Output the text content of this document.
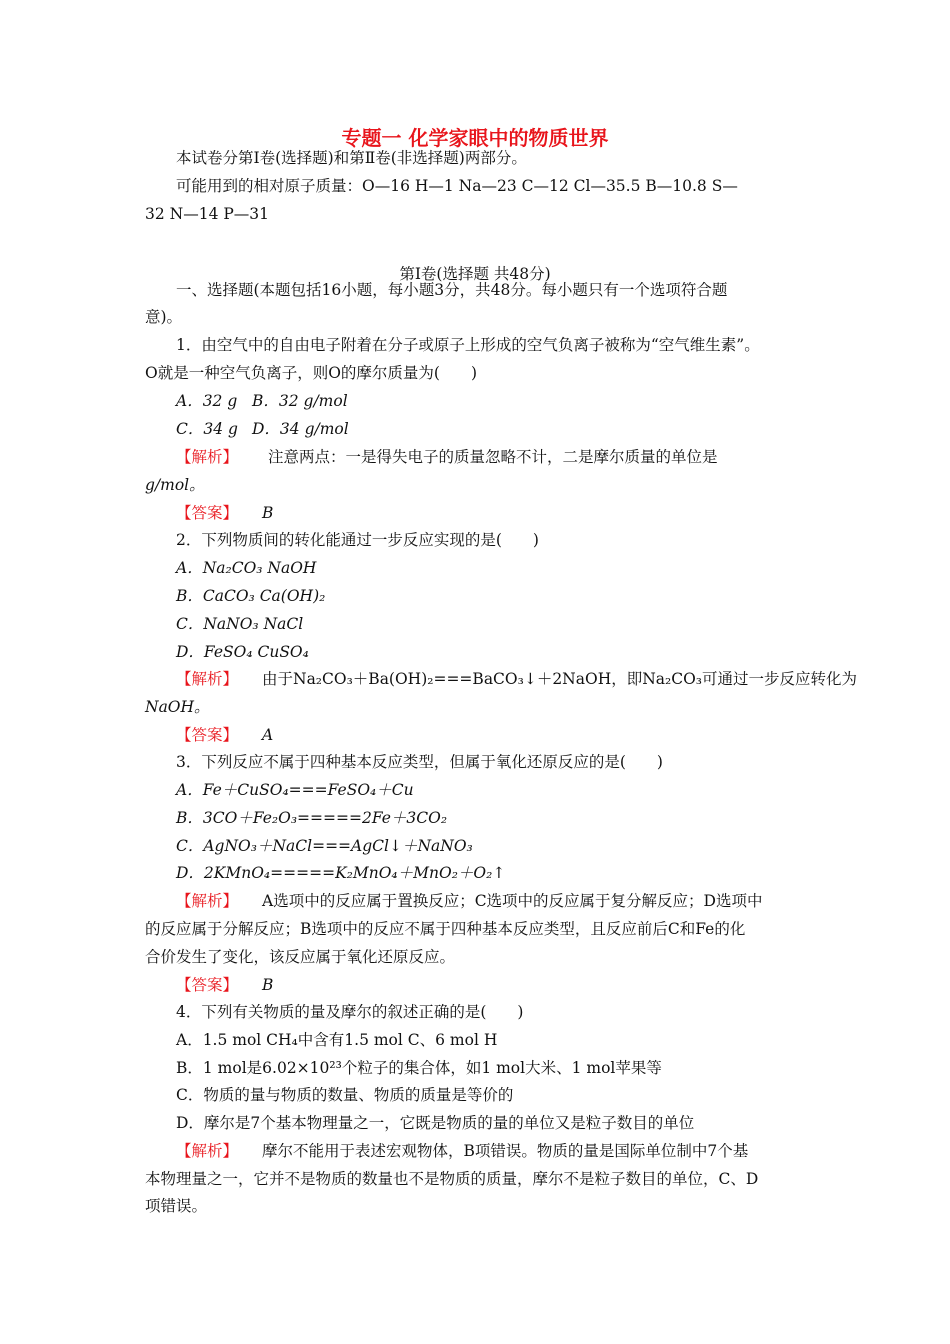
专题一 化学家眼中的物质世界
本试卷分第Ⅰ卷(选择题)和第Ⅱ卷(非选择题)两部分。
可能用到的相对原子质量：O—16 H—1 Na—23 C—12 Cl—35.5 B—10.8 S—
32 N—14 P—31
第Ⅰ卷(选择题 共48分)
一、选择题(本题包括16小题，每小题3分，共48分。每小题只有一个选项符合题
意)。
1．由空气中的自由电子附着在分子或原子上形成的空气负离子被称为“空气维生素”。
O就是一种空气负离子，则O的摩尔质量为(　　)
A．32 g B．32 g/mol
C．34 g D．34 g/mol
【解析】 注意两点：一是得失电子的质量忽略不计，二是摩尔质量的单位是
g/mol。
【答案】 B
2．下列物质间的转化能通过一步反应实现的是(　　)
A．Na₂CO₃ NaOH
B．CaCO₃ Ca(OH)₂
C．NaNO₃ NaCl
D．FeSO₄ CuSO₄
【解析】 由于Na₂CO₃＋Ba(OH)₂===BaCO₃↓＋2NaOH，即Na₂CO₃可通过一步反应转化为
NaOH。
【答案】 A
3．下列反应不属于四种基本反应类型，但属于氧化还原反应的是(　　)
A．Fe＋CuSO₄===FeSO₄＋Cu
B．3CO＋Fe₂O₃=====2Fe＋3CO₂
C．AgNO₃＋NaCl===AgCl↓＋NaNO₃
D．2KMnO₄=====K₂MnO₄＋MnO₂＋O₂↑
【解析】 A选项中的反应属于置换反应；C选项中的反应属于复分解反应；D选项中
的反应属于分解反应；B选项中的反应不属于四种基本反应类型，且反应前后C和Fe的化
合价发生了变化，该反应属于氧化还原反应。
【答案】 B
4．下列有关物质的量及摩尔的叙述正确的是(　　)
A．1.5 mol CH₄中含有1.5 mol C、6 mol H
B．1 mol是6.02×10²³个粒子的集合体，如1 mol大米、1 mol苹果等
C．物质的量与物质的数量、物质的质量是等价的
D．摩尔是7个基本物理量之一，它既是物质的量的单位又是粒子数目的单位
【解析】 摩尔不能用于表述宏观物体，B项错误。物质的量是国际单位制中7个基
本物理量之一，它并不是物质的数量也不是物质的质量，摩尔不是粒子数目的单位，C、D
项错误。
